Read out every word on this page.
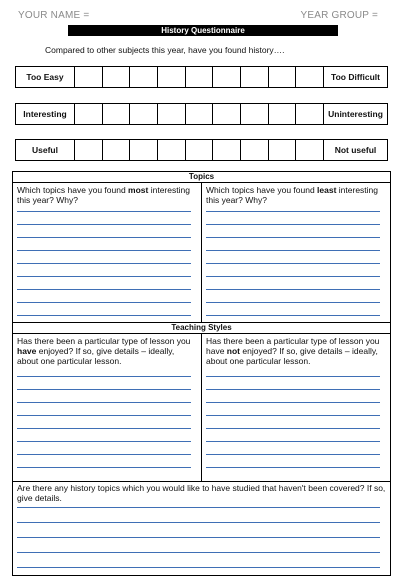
YOUR NAME =	YEAR GROUP =
History Questionnaire
Compared to other subjects this year, have you found history….
Too Easy	Too Difficult
Interesting	Uninteresting
Useful	Not useful
Topics
Which topics have you found most interesting this year? Why?
Which topics have you found least interesting this year? Why?
Teaching Styles
Has there been a particular type of lesson you have enjoyed? If so, give details – ideally, about one particular lesson.
Has there been a particular type of lesson you have not enjoyed? If so, give details – ideally, about one particular lesson.
Are there any history topics which you would like to have studied that haven't been covered? If so, give details.
